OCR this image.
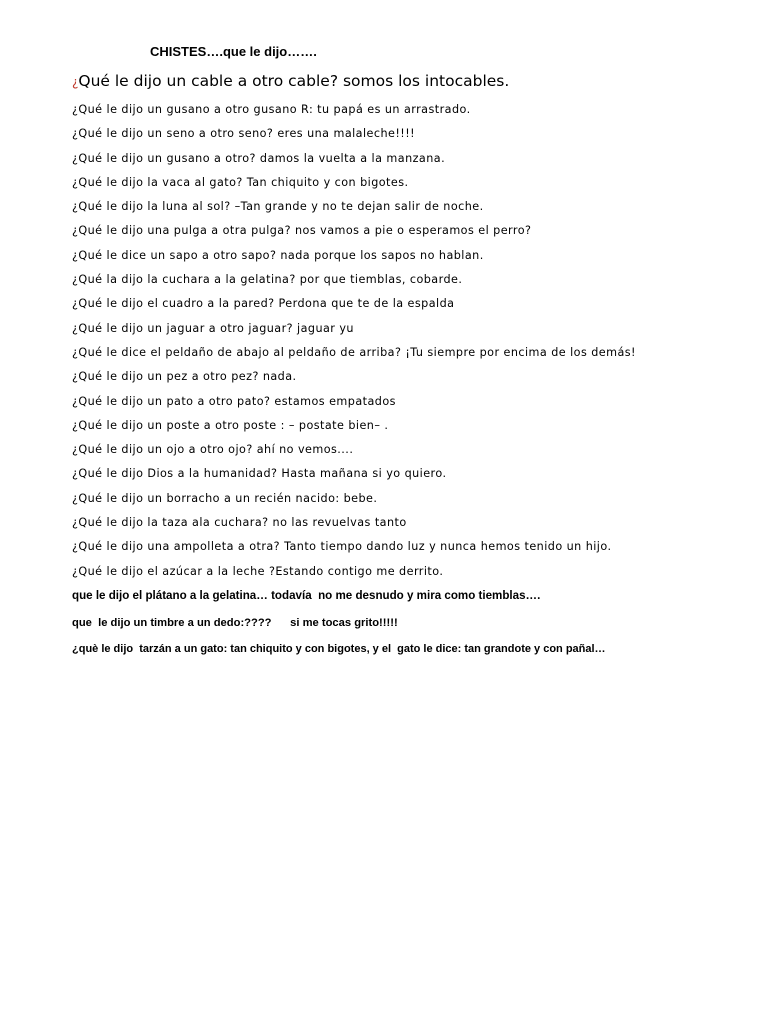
CHISTES….que le dijo…….
¿Qué le dijo un cable a otro cable? somos los intocables.
¿Qué le dijo un gusano a otro gusano R: tu papá es un arrastrado.
¿Qué le dijo un seno a otro seno? eres una malaleche!!!!
¿Qué le dijo un gusano a otro? damos la vuelta a la manzana.
¿Qué le dijo la vaca al gato? Tan chiquito y con bigotes.
¿Qué le dijo la luna al sol? –Tan grande y no te dejan salir de noche.
¿Qué le dijo una pulga a otra pulga? nos vamos a pie o esperamos el perro?
¿Qué le dice un sapo a otro sapo? nada porque los sapos no hablan.
¿Qué la dijo la cuchara a la gelatina? por que tiemblas, cobarde.
¿Qué le dijo el cuadro a la pared? Perdona que te de la espalda
¿Qué le dijo un jaguar a otro jaguar? jaguar yu
¿Qué le dice el peldaño de abajo al peldaño de arriba? ¡Tu siempre por encima de los demás!
¿Qué le dijo un pez a otro pez? nada.
¿Qué le dijo un pato a otro pato? estamos empatados
¿Qué le dijo un poste a otro poste : – postate bien– .
¿Qué le dijo un ojo a otro ojo? ahí no vemos....
¿Qué le dijo Dios a la humanidad? Hasta mañana si yo quiero.
¿Qué le dijo un borracho a un recién nacido: bebe.
¿Qué le dijo la taza ala cuchara? no las revuelvas tanto
¿Qué le dijo una ampolleta a otra? Tanto tiempo dando luz y nunca hemos tenido un hijo.
¿Qué le dijo el azúcar a la leche ?Estando contigo me derrito.
que le dijo el plátano a la gelatina… todavía  no me desnudo y mira como tiemblas….
que  le dijo un timbre a un dedo:????      si me tocas grito!!!!!
¿què le dijo  tarzán a un gato: tan chiquito y con bigotes, y el  gato le dice: tan grandote y con pañal…
